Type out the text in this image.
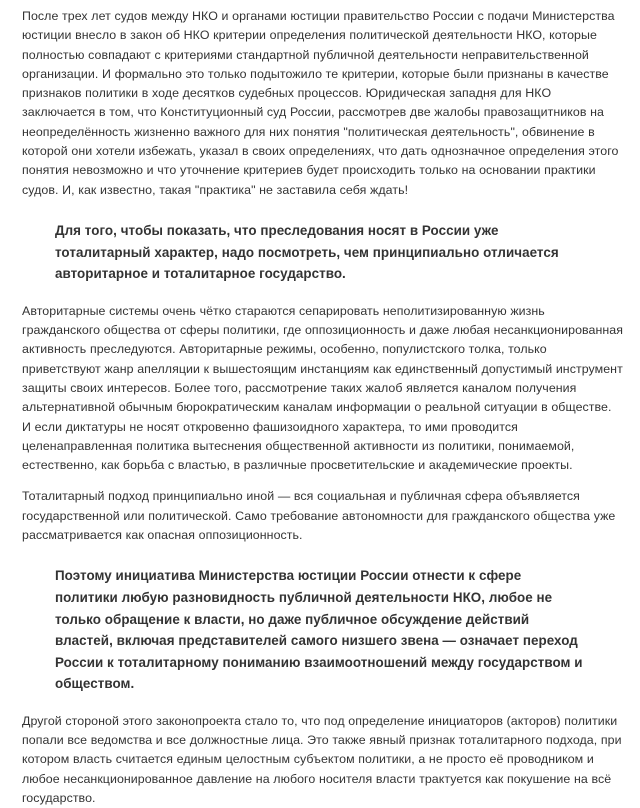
После трех лет судов между НКО и органами юстиции правительство России с подачи Министерства юстиции внесло в закон об НКО критерии определения политической деятельности НКО, которые полностью совпадают с критериями стандартной публичной деятельности неправительственной организации. И формально это только подытожило те критерии, которые были признаны в качестве признаков политики в ходе десятков судебных процессов. Юридическая западня для НКО заключается в том, что Конституционный суд России, рассмотрев две жалобы правозащитников на неопределённость жизненно важного для них понятия "политическая деятельность", обвинение в которой они хотели избежать, указал в своих определениях, что дать однозначное определения этого понятия невозможно и что уточнение критериев будет происходить только на основании практики судов. И, как известно, такая "практика" не заставила себя ждать!

Для того, чтобы показать, что преследования носят в России уже тоталитарный характер, надо посмотреть, чем принципиально отличается авторитарное и тоталитарное государство.

Авторитарные системы очень чётко стараются сепарировать неполитизированную жизнь гражданского общества от сферы политики, где оппозиционность и даже любая несанкционированная активность преследуются. Авторитарные режимы, особенно, популистского толка, только приветствуют жанр апелляции к вышестоящим инстанциям как единственный допустимый инструмент защиты своих интересов. Более того, рассмотрение таких жалоб является каналом получения альтернативной обычным бюрократическим каналам информации о реальной ситуации в обществе. И если диктатуры не носят откровенно фашизоидного характера, то ими проводится целенаправленная политика вытеснения общественной активности из политики, понимаемой, естественно, как борьба с властью, в различные просветительские и академические проекты.

Тоталитарный подход принципиально иной — вся социальная и публичная сфера объявляется государственной или политической. Само требование автономности для гражданского общества уже рассматривается как опасная оппозиционность.

Поэтому инициатива Министерства юстиции России отнести к сфере политики любую разновидность публичной деятельности НКО, любое не только обращение к власти, но даже публичное обсуждение действий властей, включая представителей самого низшего звена — означает переход России к тоталитарному пониманию взаимоотношений между государством и обществом.

Другой стороной этого законопроекта стало то, что под определение инициаторов (акторов) политики попали все ведомства и все должностные лица. Это также явный признак тоталитарного подхода, при котором власть считается единым целостным субъектом политики, а не просто её проводником и любое несанкционированное давление на любого носителя власти трактуется как покушение на всё государство.
